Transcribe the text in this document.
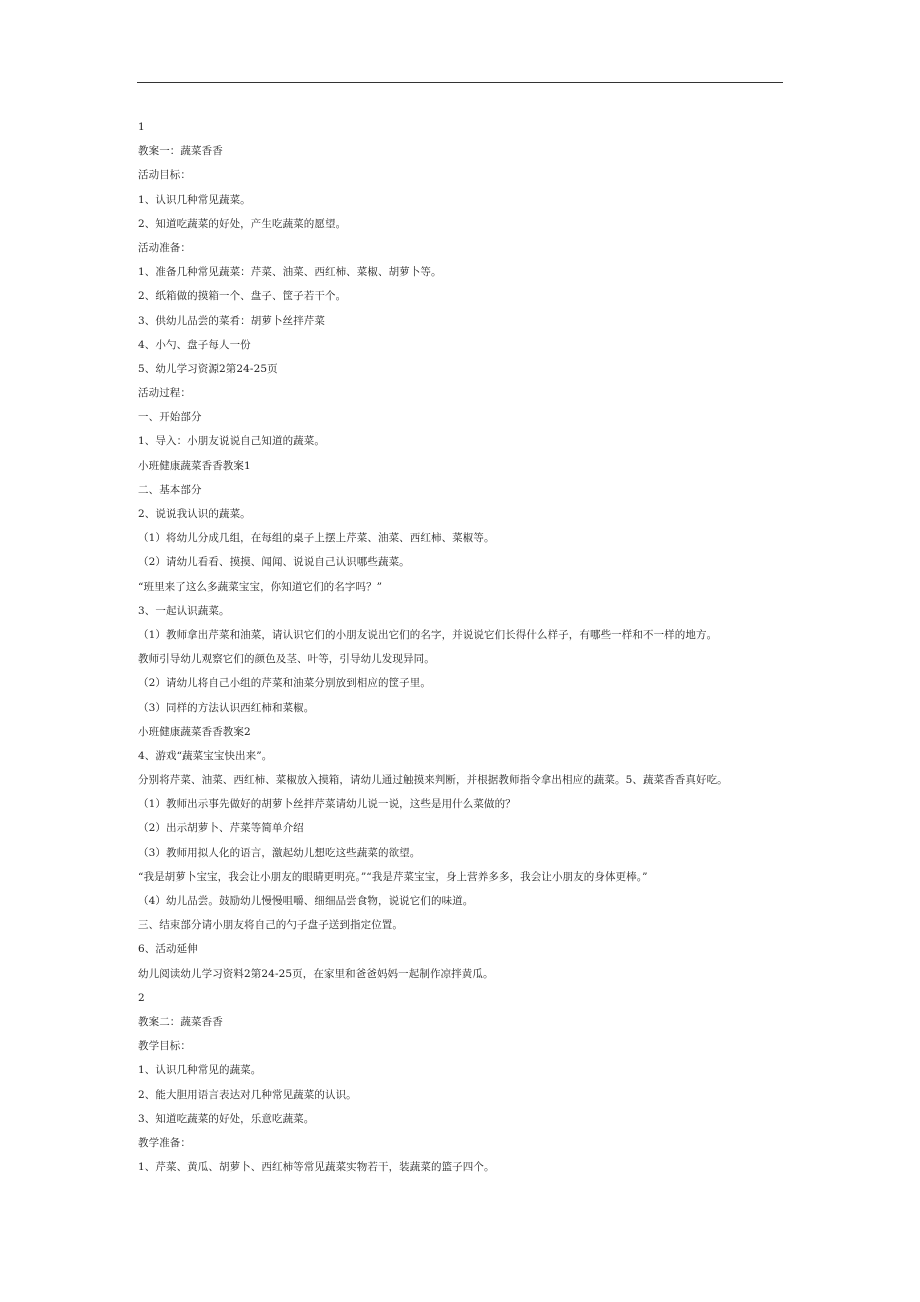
1
教案一：蔬菜香香
活动目标：
1、认识几种常见蔬菜。
2、知道吃蔬菜的好处，产生吃蔬菜的愿望。
活动准备：
1、准备几种常见蔬菜：芹菜、油菜、西红柿、菜椒、胡萝卜等。
2、纸箱做的摸箱一个、盘子、筐子若干个。
3、供幼儿品尝的菜肴：胡萝卜丝拌芹菜
4、小勺、盘子每人一份
5、幼儿学习资源2第24-25页
活动过程：
一、开始部分
1、导入：小朋友说说自己知道的蔬菜。
小班健康蔬菜香香教案1
二、基本部分
2、说说我认识的蔬菜。
（1）将幼儿分成几组，在每组的桌子上摆上芹菜、油菜、西红柿、菜椒等。
（2）请幼儿看看、摸摸、闻闻、说说自己认识哪些蔬菜。
“班里来了这么多蔬菜宝宝，你知道它们的名字吗？”
3、一起认识蔬菜。
（1）教师拿出芹菜和油菜，请认识它们的小朋友说出它们的名字，并说说它们长得什么样子，有哪些一样和不一样的地方。
教师引导幼儿观察它们的颜色及茎、叶等，引导幼儿发现异同。
（2）请幼儿将自己小组的芹菜和油菜分别放到相应的筐子里。
（3）同样的方法认识西红柿和菜椒。
小班健康蔬菜香香教案2
4、游戏“蔬菜宝宝快出来”。
分别将芹菜、油菜、西红柿、菜椒放入摸箱，请幼儿通过触摸来判断，并根据教师指令拿出相应的蔬菜。5、蔬菜香香真好吃。
（1）教师出示事先做好的胡萝卜丝拌芹菜请幼儿说一说，这些是用什么菜做的？
（2）出示胡萝卜、芹菜等简单介绍
（3）教师用拟人化的语言，激起幼儿想吃这些蔬菜的欲望。
“我是胡萝卜宝宝，我会让小朋友的眼睛更明亮。”“我是芹菜宝宝，身上营养多多，我会让小朋友的身体更棒。”
（4）幼儿品尝。鼓励幼儿慢慢咀嚼、细细品尝食物，说说它们的味道。
三、结束部分请小朋友将自己的勺子盘子送到指定位置。
6、活动延伸
幼儿阅读幼儿学习资料2第24-25页，在家里和爸爸妈妈一起制作凉拌黄瓜。
2
教案二：蔬菜香香
教学目标：
1、认识几种常见的蔬菜。
2、能大胆用语言表达对几种常见蔬菜的认识。
3、知道吃蔬菜的好处，乐意吃蔬菜。
教学准备：
1、芹菜、黄瓜、胡萝卜、西红柿等常见蔬菜实物若干，装蔬菜的篮子四个。
